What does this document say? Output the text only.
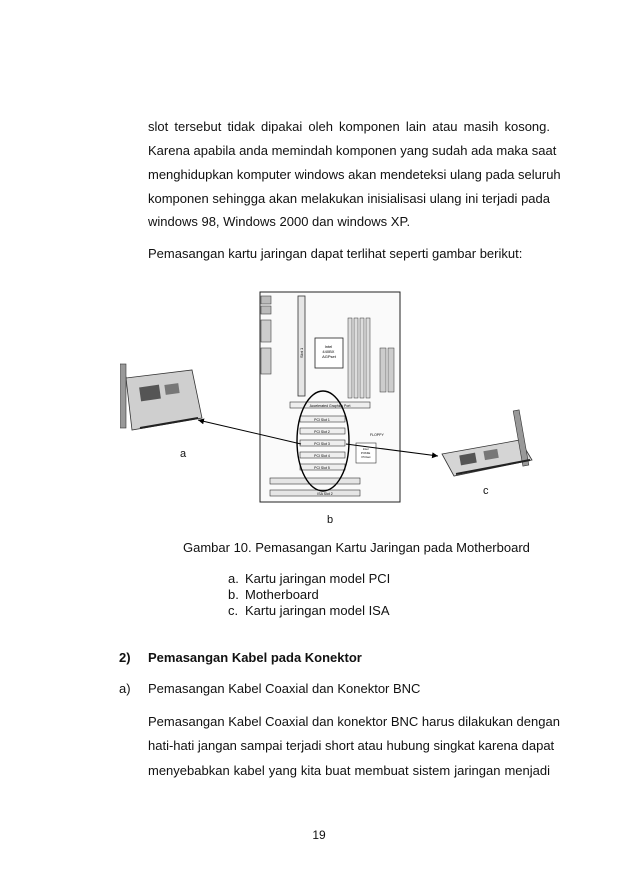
slot tersebut tidak dipakai oleh komponen lain atau masih kosong.
Karena apabila anda memindah komponen yang sudah ada maka saat
menghidupkan komputer windows akan mendeteksi ulang pada seluruh
komponen sehingga akan melakukan inisialisasi ulang ini terjadi pada
windows 98, Windows 2000 dan windows XP.
Pemasangan kartu jaringan dapat terlihat seperti gambar berikut:
Slot 1
Intel 440BX AGPset
Accelerated Graphics Port
PCI Slot 1
PCI Slot 2
PCI Slot 3
PCI Slot 4
PCI Slot 5
ISA Slot 2
Intel PIIX4E PCIset
FLOPPY
a
b
c
Gambar 10. Pemasangan Kartu Jaringan pada Motherboard
a. Kartu jaringan model PCI
b. Motherboard
c. Kartu jaringan model ISA
2) Pemasangan Kabel pada Konektor
a) Pemasangan Kabel Coaxial dan Konektor BNC
Pemasangan Kabel Coaxial dan konektor BNC harus dilakukan dengan
hati-hati jangan sampai terjadi short atau hubung singkat karena dapat
menyebabkan kabel yang kita buat membuat sistem jaringan menjadi
19
